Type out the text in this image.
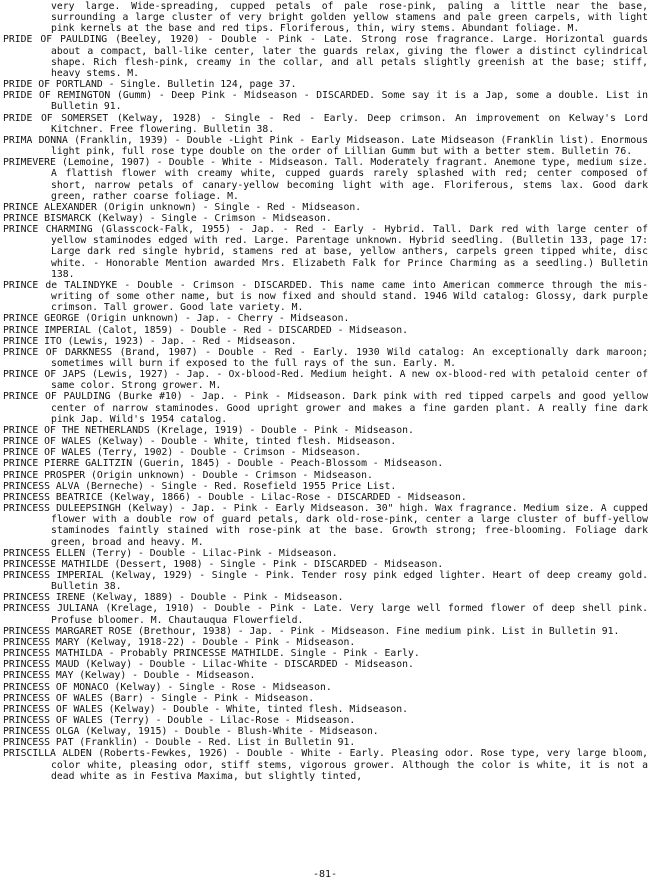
very large. Wide-spreading, cupped petals of pale rose-pink, paling a little near the base, surrounding a large cluster of very bright golden yellow stamens and pale green carpels, with light pink kernels at the base and red tips. Floriferous, thin, wiry stems. Abundant foliage. M.

PRIDE OF PAULDING (Beeley, 1920) - Double - Pink - Late. Strong rose fragrance. Large. Horizontal guards about a compact, ball-like center, later the guards relax, giving the flower a distinct cylindrical shape. Rich flesh-pink, creamy in the collar, and all petals slightly greenish at the base; stiff, heavy stems. M.

PRIDE OF PORTLAND - Single. Bulletin 124, page 37.

PRIDE OF REMINGTON (Gumm) - Deep Pink - Midseason - DISCARDED. Some say it is a Jap, some a double. List in Bulletin 91.

PRIDE OF SOMERSET (Kelway, 1928) - Single - Red - Early. Deep crimson. An improvement on Kelway's Lord Kitchner. Free flowering. Bulletin 38.

PRIMA DONNA (Franklin, 1939) - Double -Light Pink - Early Midseason. Late Midseason (Franklin list). Enormous light pink, full rose type double on the order of Lillian Gumm but with a better stem. Bulletin 76.

PRIMEVERE (Lemoine, 1907) - Double - White - Midseason. Tall. Moderately fragrant. Anemone type, medium size. A flattish flower with creamy white, cupped guards rarely splashed with red; center composed of short, narrow petals of canary-yellow becoming light with age. Floriferous, stems lax. Good dark green, rather coarse foliage. M.

PRINCE ALEXANDER (Origin unknown) - Single - Red - Midseason.

PRINCE BISMARCK (Kelway) - Single - Crimson - Midseason.

PRINCE CHARMING (Glasscock-Falk, 1955) - Jap. - Red - Early - Hybrid. Tall. Dark red with large center of yellow staminodes edged with red. Large. Parentage unknown. Hybrid seedling. (Bulletin 133, page 17: Large dark red single hybrid, stamens red at base, yellow anthers, carpels green tipped white, disc white. - Honorable Mention awarded Mrs. Elizabeth Falk for Prince Charming as a seedling.) Bulletin 138.

PRINCE de TALINDYKE - Double - Crimson - DISCARDED. This name came into American commerce through the mis-writing of some other name, but is now fixed and should stand. 1946 Wild catalog: Glossy, dark purple crimson. Tall grower. Good late variety. M.

PRINCE GEORGE (Origin unknown) - Jap. - Cherry - Midseason.

PRINCE IMPERIAL (Calot, 1859) - Double - Red - DISCARDED - Midseason.

PRINCE ITO (Lewis, 1923) - Jap. - Red - Midseason.

PRINCE OF DARKNESS (Brand, 1907) - Double - Red - Early. 1930 Wild catalog: An exceptionally dark maroon; sometimes will burn if exposed to the full rays of the sun. Early. M.

PRINCE OF JAPS (Lewis, 1927) - Jap. - Ox-blood-Red. Medium height. A new ox-blood-red with petaloid center of same color. Strong grower. M.

PRINCE OF PAULDING (Burke #10) - Jap. - Pink - Midseason. Dark pink with red tipped carpels and good yellow center of narrow staminodes. Good upright grower and makes a fine garden plant. A really fine dark pink Jap. Wild's 1954 catalog.

PRINCE OF THE NETHERLANDS (Krelage, 1919) - Double - Pink - Midseason.

PRINCE OF WALES (Kelway) - Double - White, tinted flesh. Midseason.

PRINCE OF WALES (Terry, 1902) - Double - Crimson - Midseason.

PRINCE PIERRE GALITZIN (Guerin, 1845) - Double - Peach-Blossom - Midseason.

PRINCE PROSPER (Origin unknown) - Double - Crimson - Midseason.

PRINCESS ALVA (Berneche) - Single - Red. Rosefield 1955 Price List.

PRINCESS BEATRICE (Kelway, 1866) - Double - Lilac-Rose - DISCARDED - Midseason.

PRINCESS DULEEPSINGH (Kelway) - Jap. - Pink - Early Midseason. 30" high. Wax fragrance. Medium size. A cupped flower with a double row of guard petals, dark old-rose-pink, center a large cluster of buff-yellow staminodes faintly stained with rose-pink at the base. Growth strong; free-blooming. Foliage dark green, broad and heavy. M.

PRINCESS ELLEN (Terry) - Double - Lilac-Pink - Midseason.

PRINCESSE MATHILDE (Dessert, 1908) - Single - Pink - DISCARDED - Midseason.

PRINCESS IMPERIAL (Kelway, 1929) - Single - Pink. Tender rosy pink edged lighter. Heart of deep creamy gold. Bulletin 38.

PRINCESS IRENE (Kelway, 1889) - Double - Pink - Midseason.

PRINCESS JULIANA (Krelage, 1910) - Double - Pink - Late. Very large well formed flower of deep shell pink. Profuse bloomer. M. Chautauqua Flowerfield.

PRINCESS MARGARET ROSE (Brethour, 1938) - Jap. - Pink - Midseason. Fine medium pink. List in Bulletin 91.

PRINCESS MARY (Kelway, 1918-22) - Double - Pink - Midseason.

PRINCESS MATHILDA - Probably PRINCESSE MATHILDE. Single - Pink - Early.

PRINCESS MAUD (Kelway) - Double - Lilac-White - DISCARDED - Midseason.

PRINCESS MAY (Kelway) - Double - Midseason.

PRINCESS OF MONACO (Kelway) - Single - Rose - Midseason.

PRINCESS OF WALES (Barr) - Single - Pink - Midseason.

PRINCESS OF WALES (Kelway) - Double - White, tinted flesh. Midseason.

PRINCESS OF WALES (Terry) - Double - Lilac-Rose - Midseason.

PRINCESS OLGA (Kelway, 1915) - Double - Blush-White - Midseason.

PRINCESS PAT (Franklin) - Double - Red. List in Bulletin 91.

PRISCILLA ALDEN (Roberts-Fewkes, 1926) - Double - White - Early. Pleasing odor. Rose type, very large bloom, color white, pleasing odor, stiff stems, vigorous grower. Although the color is white, it is not a dead white as in Festiva Maxima, but slightly tinted,

-81-
